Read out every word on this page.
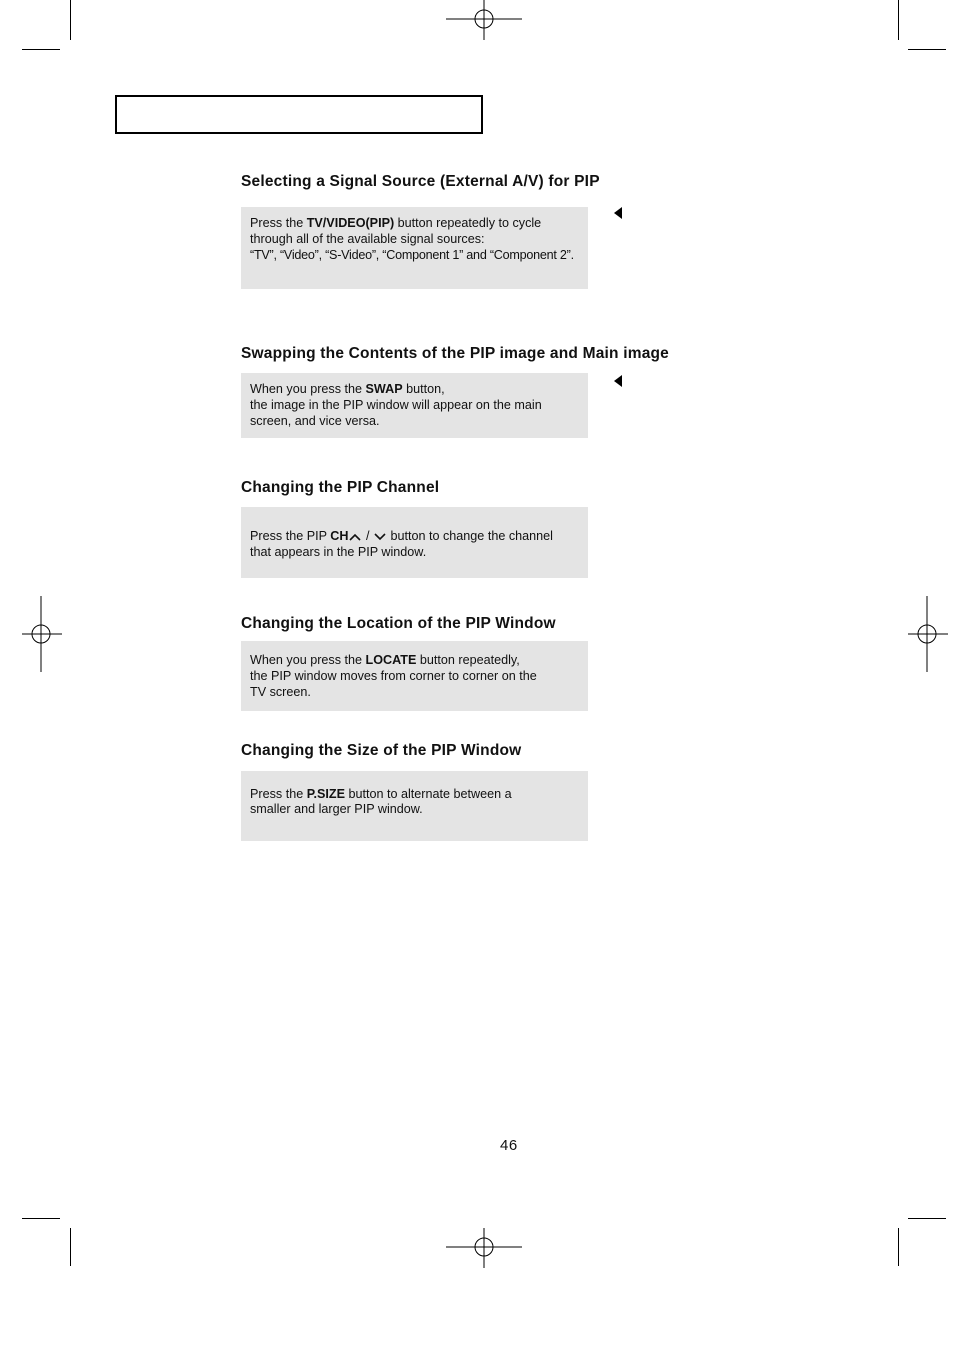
Selecting a Signal Source (External A/V) for PIP
Press the TV/VIDEO(PIP) button repeatedly to cycle
through all of the available signal sources:
“TV”, “Video”, “S-Video”, “Component 1” and “Component 2”.
Swapping the Contents of the PIP image and Main image
When you press the SWAP button,
the image in the PIP window will appear on the main
screen, and vice versa.
Changing the PIP Channel
Press the PIP CH /  button to change the channel
that appears in the PIP window.
Changing the Location of the PIP Window
When you press the LOCATE button repeatedly,
the PIP window moves from corner to corner on the
TV screen.
Changing the Size of the PIP Window
Press the P.SIZE button to alternate between a
smaller and larger PIP window.
46
